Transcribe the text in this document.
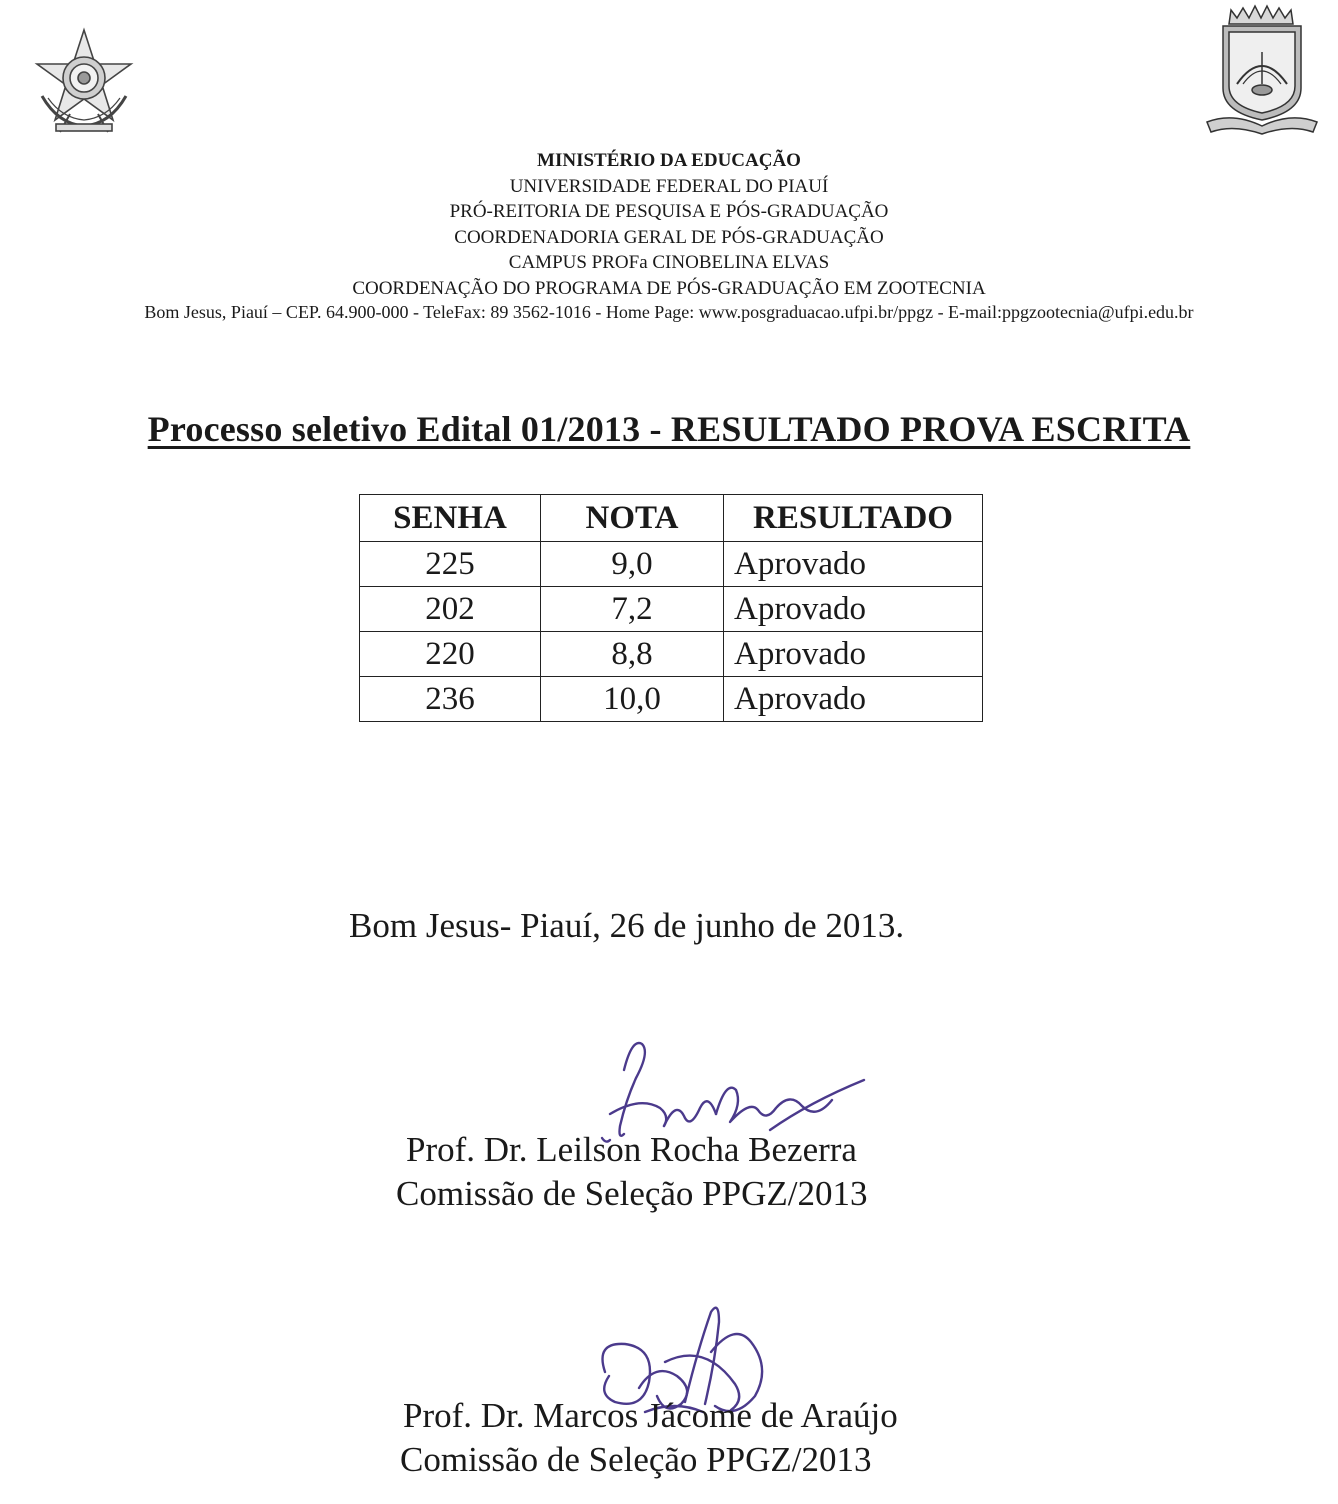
MINISTÉRIO DA EDUCAÇÃO
UNIVERSIDADE FEDERAL DO PIAUÍ
PRÓ-REITORIA DE PESQUISA E PÓS-GRADUAÇÃO
COORDENADORIA GERAL DE PÓS-GRADUAÇÃO
CAMPUS PROFa CINOBELINA ELVAS
COORDENAÇÃO DO PROGRAMA DE PÓS-GRADUAÇÃO EM ZOOTECNIA
Bom Jesus, Piauí – CEP. 64.900-000 - TeleFax: 89 3562-1016 - Home Page: www.posgraduacao.ufpi.br/ppgz - E-mail:ppgzootecnia@ufpi.edu.br
Processo seletivo Edital 01/2013 - RESULTADO PROVA ESCRITA
SENHA	NOTA	RESULTADO
225	9,0	Aprovado
202	7,2	Aprovado
220	8,8	Aprovado
236	10,0	Aprovado
Bom Jesus- Piauí, 26 de junho de 2013.
Prof. Dr. Leilson Rocha Bezerra
Comissão de Seleção PPGZ/2013
Prof. Dr. Marcos Jácome de Araújo
Comissão de Seleção PPGZ/2013
